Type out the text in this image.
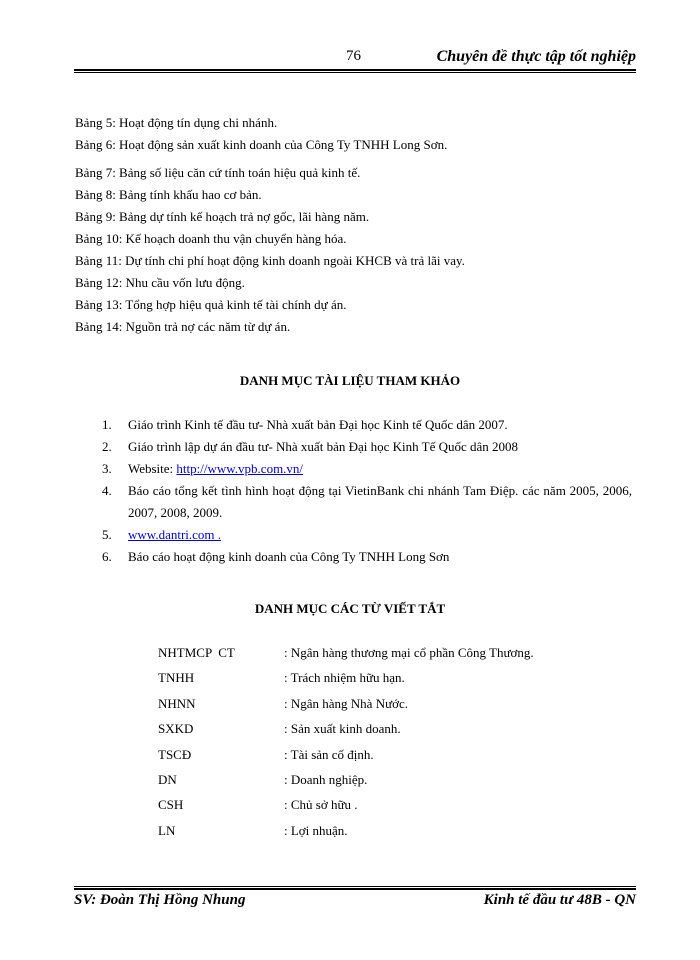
76	Chuyên đề thực tập tốt nghiệp
Bảng 5: Hoạt động tín dụng chi nhánh.
Bảng 6: Hoạt động sản xuất kinh doanh của Công Ty TNHH Long Sơn.
Bảng 7: Bảng số liệu căn cứ tính toán hiệu quả kinh tế.
Bảng 8: Bảng tính khấu hao cơ bản.
Bảng 9: Bảng dự tính kế hoạch trả nợ gốc, lãi hàng năm.
Bảng 10: Kế hoạch doanh thu vận chuyển hàng hóa.
Bảng 11: Dự tính chi phí hoạt động kinh doanh ngoài KHCB và trả lãi vay.
Bảng 12: Nhu cầu vốn lưu động.
Bảng 13: Tổng hợp hiệu quả kinh tế tài chính dự án.
Bảng 14: Nguồn trả nợ các năm từ dự án.
DANH MỤC TÀI LIỆU THAM KHẢO
1. Giáo trình Kinh tế đầu tư- Nhà xuất bản Đại học Kinh tế Quốc dân 2007.
2. Giáo trình lập dự án đầu tư- Nhà xuất bản Đại học Kinh Tế Quốc dân 2008
3. Website: http://www.vpb.com.vn/
4. Báo cáo tổng kết tình hình hoạt động tại VietinBank chi nhánh Tam Điệp. các năm 2005, 2006, 2007, 2008, 2009.
5. www.dantri.com .
6. Báo cáo hoạt động kinh doanh của Công Ty TNHH Long Sơn
DANH MỤC CÁC TỪ VIẾT TẮT
NHTMCP  CT	: Ngân hàng thương mại cổ phần Công Thương.
TNHH	: Trách nhiệm hữu hạn.
NHNN	: Ngân hàng Nhà Nước.
SXKD	: Sản xuất kinh doanh.
TSCĐ	: Tài sản cố định.
DN	: Doanh nghiệp.
CSH	: Chủ sở hữu .
LN	: Lợi nhuận.
SV: Đoàn Thị Hồng Nhung	Kinh tế đầu tư 48B - QN
